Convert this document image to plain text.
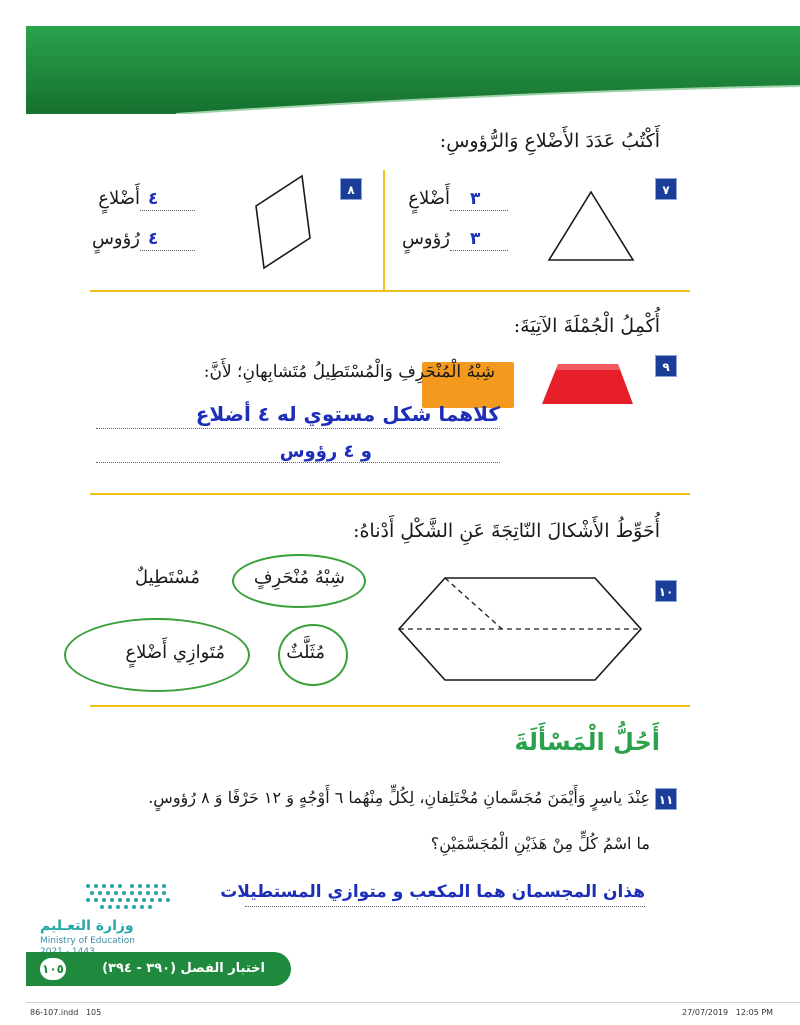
أَكْتُبُ عَدَدَ الأَضْلاعِ وَالرُّؤوسِ:
٧
أَضْلاعٍ ٣
رُؤوسٍ ٣
٨
أَضْلاعٍ ٤
رُؤوسٍ ٤
أُكْمِلُ الْجُمْلَةَ الآتِيَةَ:
٩
شِبْهُ الْمُنْحَرِفِ وَالْمُسْتَطِيلُ مُتَشابِهانِ؛ لأَنَّ:
كلاهما شكل مستوي له ٤ أضلاع
و ٤ رؤوس
أُحَوِّطُ الأَشْكالَ النّاتِجَةَ عَنِ الشَّكْلِ أَدْناهُ:
١٠
شِبْهُ مُنْحَرِفٍ
مُسْتَطِيلٌ
مُثَلَّثٌ
مُتَوازِي أَضْلاعٍ
أَحُلُّ الْمَسْأَلَةَ
١١
عِنْدَ ياسِرٍ وَأَيْمَنَ مُجَسَّمانِ مُخْتَلِفانِ، لِكُلٍّ مِنْهُما ٦ أَوْجُهٍ وَ ١٢ حَرْفًا وَ ٨ رُؤوسٍ.
ما اسْمُ كُلٍّ مِنْ هَذَيْنِ الْمُجَسَّمَيْنِ؟
هذان المجسمان هما المكعب و متوازي المستطيلات
وزارة التعـليم
Ministry of Education
١٠٥	اختبار الفصل (٣٩٠ - ٣٩٤)
86-107.indd   105	27/07/2019   12:05 PM
